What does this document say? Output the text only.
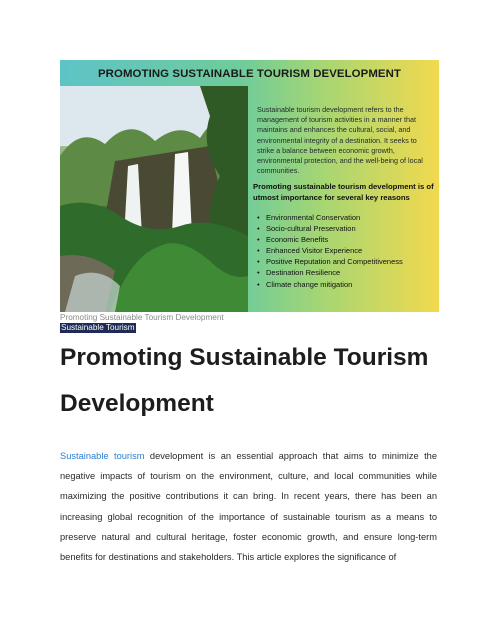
PROMOTING SUSTAINABLE TOURISM DEVELOPMENT
Sustainable tourism development refers to the management of tourism activities in a manner that maintains and enhances the cultural, social, and environmental integrity of a destination. It seeks to strike a balance between economic growth, environmental protection, and the well-being of local communities.
Promoting sustainable tourism development is of utmost importance for several key reasons
• Environmental Conservation
• Socio-cultural Preservation
• Economic Benefits
• Enhanced Visitor Experience
• Positive Reputation and Competitiveness
• Destination Resilience
• Climate change mitigation
Promoting Sustainable Tourism Development
Sustainable Tourism
Promoting Sustainable Tourism Development

Sustainable tourism development is an essential approach that aims to minimize the negative impacts of tourism on the environment, culture, and local communities while maximizing the positive contributions it can bring. In recent years, there has been an increasing global recognition of the importance of sustainable tourism as a means to preserve natural and cultural heritage, foster economic growth, and ensure long-term benefits for destinations and stakeholders. This article explores the significance of
